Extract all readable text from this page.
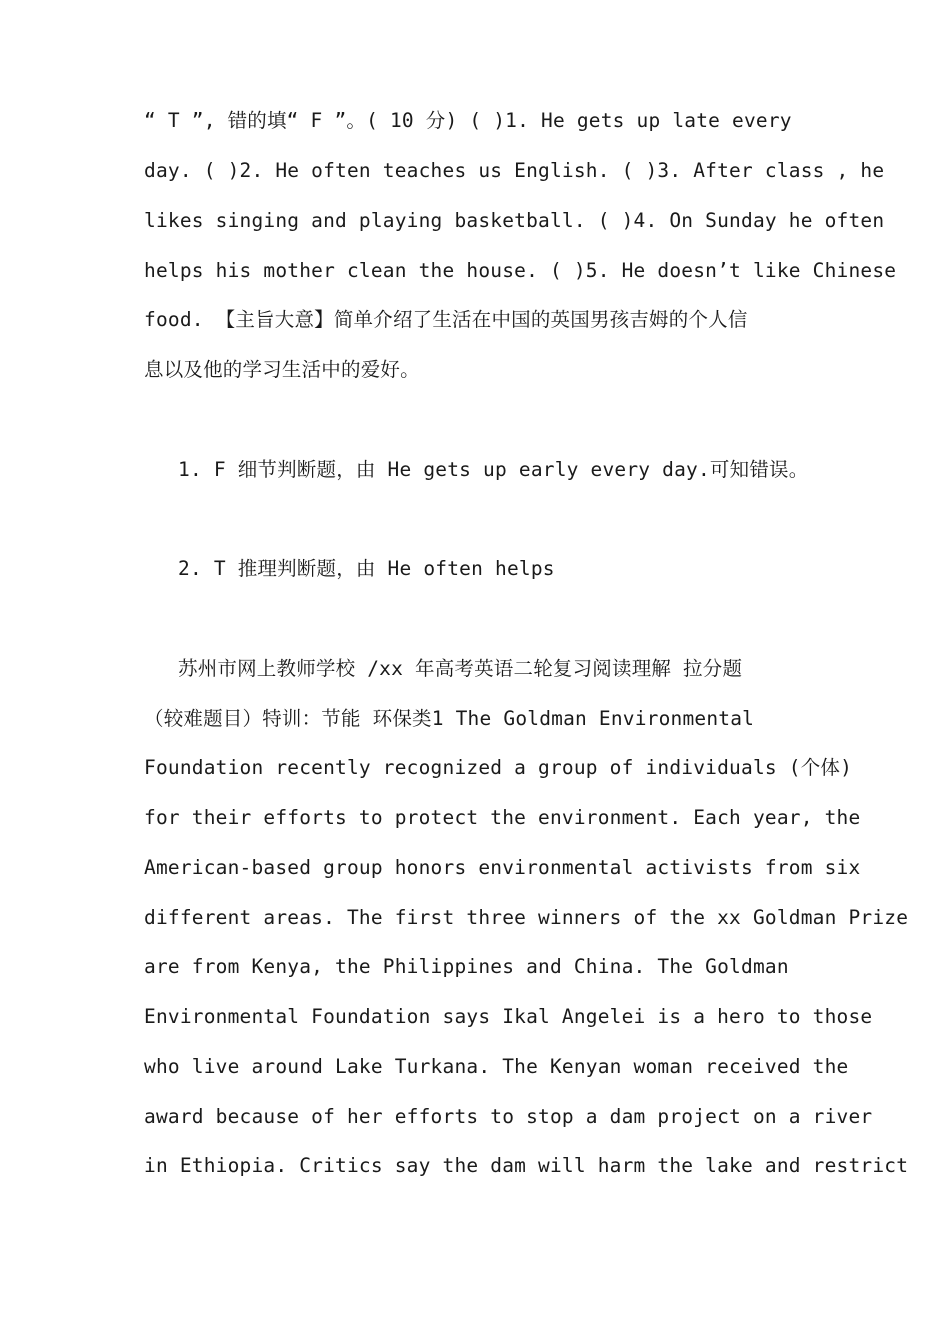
“ T ”, 错的填“ F ”。( 10 分) ( )1. He gets up late every
day. ( )2. He often teaches us English. ( )3. After class , he
likes singing and playing basketball. ( )4. On Sunday he often
helps his mother clean the house. ( )5. He doesn’t like Chinese
food. 【主旨大意】简单介绍了生活在中国的英国男孩吉姆的个人信
息以及他的学习生活中的爱好。
1. F 细节判断题，由 He gets up early every day.可知错误。
2. T 推理判断题，由 He often helps
苏州市网上教师学校 /xx 年高考英语二轮复习阅读理解 拉分题
（较难题目）特训：节能 环保类1 The Goldman Environmental
Foundation recently recognized a group of individuals (个体)
for their efforts to protect the environment. Each year, the
American-based group honors environmental activists from six
different areas. The first three winners of the xx Goldman Prize
are from Kenya, the Philippines and China. The Goldman
Environmental Foundation says Ikal Angelei is a hero to those
who live around Lake Turkana. The Kenyan woman received the
award because of her efforts to stop a dam project on a river
in Ethiopia. Critics say the dam will harm the lake and restrict
